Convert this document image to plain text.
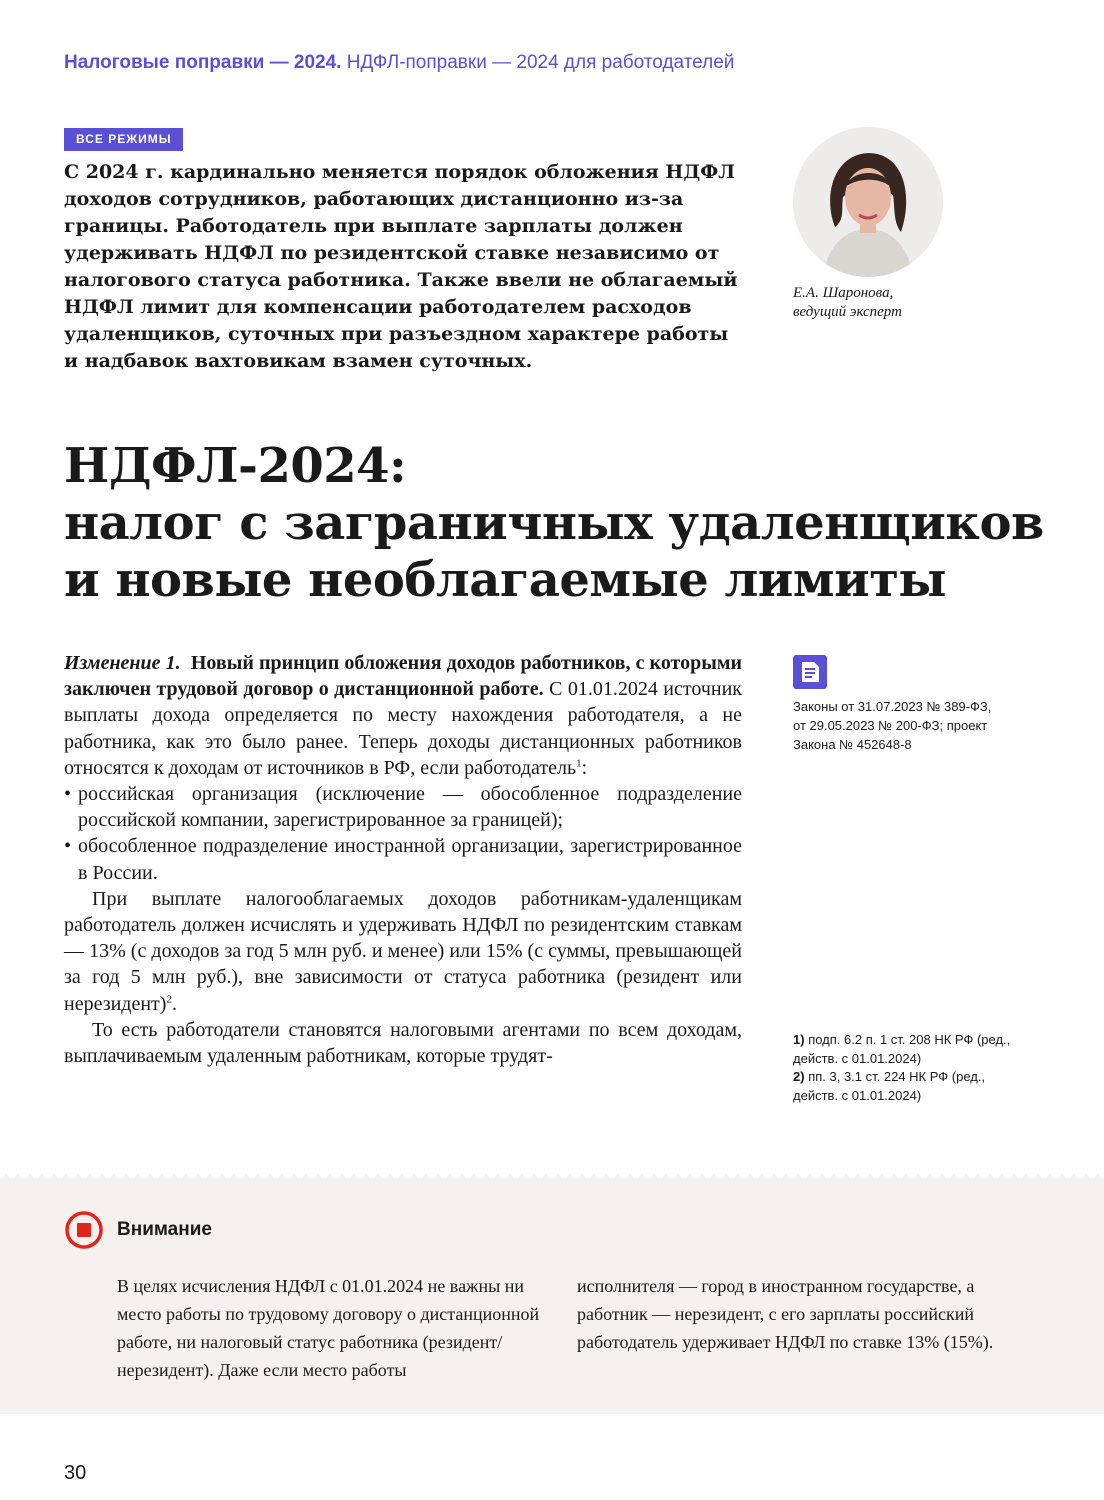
Налоговые поправки — 2024. НДФЛ-поправки — 2024 для работодателей
ВСЕ РЕЖИМЫ
С 2024 г. кардинально меняется порядок обложения НДФЛ доходов сотрудников, работающих дистанционно из-за границы. Работодатель при выплате зарплаты должен удерживать НДФЛ по резидентской ставке независимо от налогового статуса работника. Также ввели не облагаемый НДФЛ лимит для компенсации работодателем расходов удаленщиков, суточных при разъездном характере работы и надбавок вахтовикам взамен суточных.
Е.А. Шаронова,
ведущий эксперт
НДФЛ-2024:
налог с заграничных удаленщиков
и новые необлагаемые лимиты

Изменение 1. Новый принцип обложения доходов работников, с которыми заключен трудовой договор о дистанционной работе. С 01.01.2024 источник выплаты дохода определяется по месту нахождения работодателя, а не работника, как это было ранее. Теперь доходы дистанционных работников относятся к доходам от источников в РФ, если работодатель$^1$:

• российская организация (исключение — обособленное подразделение российской компании, зарегистрированное за границей);
• обособленное подразделение иностранной организации, зарегистрированное в России.

При выплате налогооблагаемых доходов работникам-удаленщикам работодатель должен исчислять и удерживать НДФЛ по резидентским ставкам — 13% (с доходов за год 5 млн руб. и менее) или 15% (с суммы, превышающей за год 5 млн руб.), вне зависимости от статуса работника (резидент или нерезидент)$^2$.

То есть работодатели становятся налоговыми агентами по всем доходам, выплачиваемым удаленным работникам, которые трудят-

Законы от 31.07.2023 № 389-ФЗ, от 29.05.2023 № 200-ФЗ; проект Закона № 452648-8
1) подп. 6.2 п. 1 ст. 208 НК РФ (ред., действ. с 01.01.2024)
2) пп. 3, 3.1 ст. 224 НК РФ (ред., действ. с 01.01.2024)
Внимание
В целях исчисления НДФЛ с 01.01.2024 не важны ни место работы по трудовому договору о дистанционной работе, ни налоговый статус работника (резидент/нерезидент). Даже если место работы
исполнителя — город в иностранном государстве, а работник — нерезидент, с его зарплаты российский работодатель удерживает НДФЛ по ставке 13% (15%).
30
